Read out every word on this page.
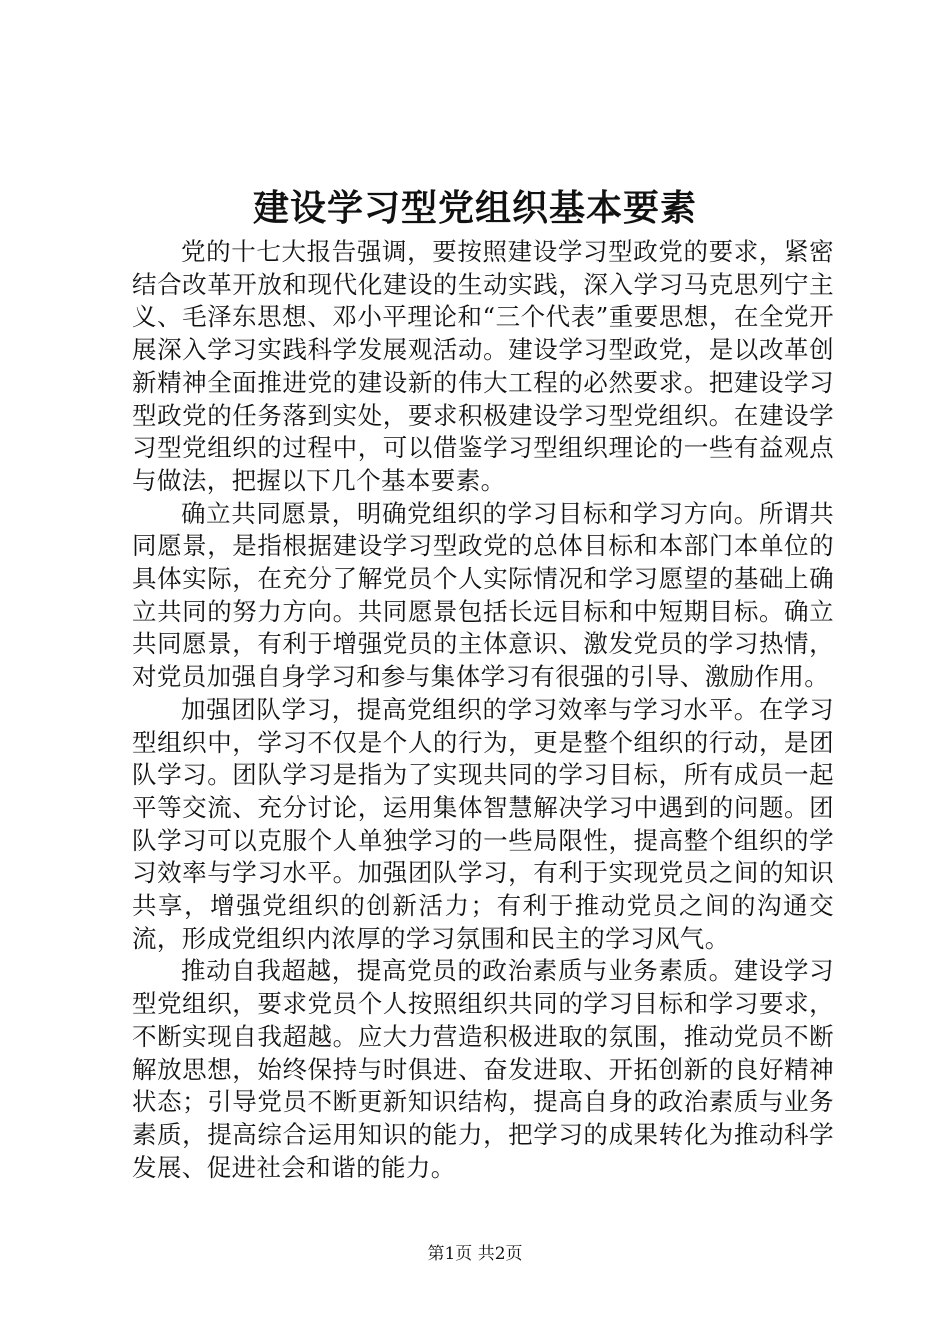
建设学习型党组织基本要素

党的十七大报告强调，要按照建设学习型政党的要求，紧密结合改革开放和现代化建设的生动实践，深入学习马克思列宁主义、毛泽东思想、邓小平理论和“三个代表”重要思想，在全党开展深入学习实践科学发展观活动。建设学习型政党，是以改革创新精神全面推进党的建设新的伟大工程的必然要求。把建设学习型政党的任务落到实处，要求积极建设学习型党组织。在建设学习型党组织的过程中，可以借鉴学习型组织理论的一些有益观点与做法，把握以下几个基本要素。

确立共同愿景，明确党组织的学习目标和学习方向。所谓共同愿景，是指根据建设学习型政党的总体目标和本部门本单位的具体实际，在充分了解党员个人实际情况和学习愿望的基础上确立共同的努力方向。共同愿景包括长远目标和中短期目标。确立共同愿景，有利于增强党员的主体意识、激发党员的学习热情，对党员加强自身学习和参与集体学习有很强的引导、激励作用。

加强团队学习，提高党组织的学习效率与学习水平。在学习型组织中，学习不仅是个人的行为，更是整个组织的行动，是团队学习。团队学习是指为了实现共同的学习目标，所有成员一起平等交流、充分讨论，运用集体智慧解决学习中遇到的问题。团队学习可以克服个人单独学习的一些局限性，提高整个组织的学习效率与学习水平。加强团队学习，有利于实现党员之间的知识共享，增强党组织的创新活力；有利于推动党员之间的沟通交流，形成党组织内浓厚的学习氛围和民主的学习风气。

推动自我超越，提高党员的政治素质与业务素质。建设学习型党组织，要求党员个人按照组织共同的学习目标和学习要求，不断实现自我超越。应大力营造积极进取的氛围，推动党员不断解放思想，始终保持与时俱进、奋发进取、开拓创新的良好精神状态；引导党员不断更新知识结构，提高自身的政治素质与业务素质，提高综合运用知识的能力，把学习的成果转化为推动科学发展、促进社会和谐的能力。

第1页 共2页
